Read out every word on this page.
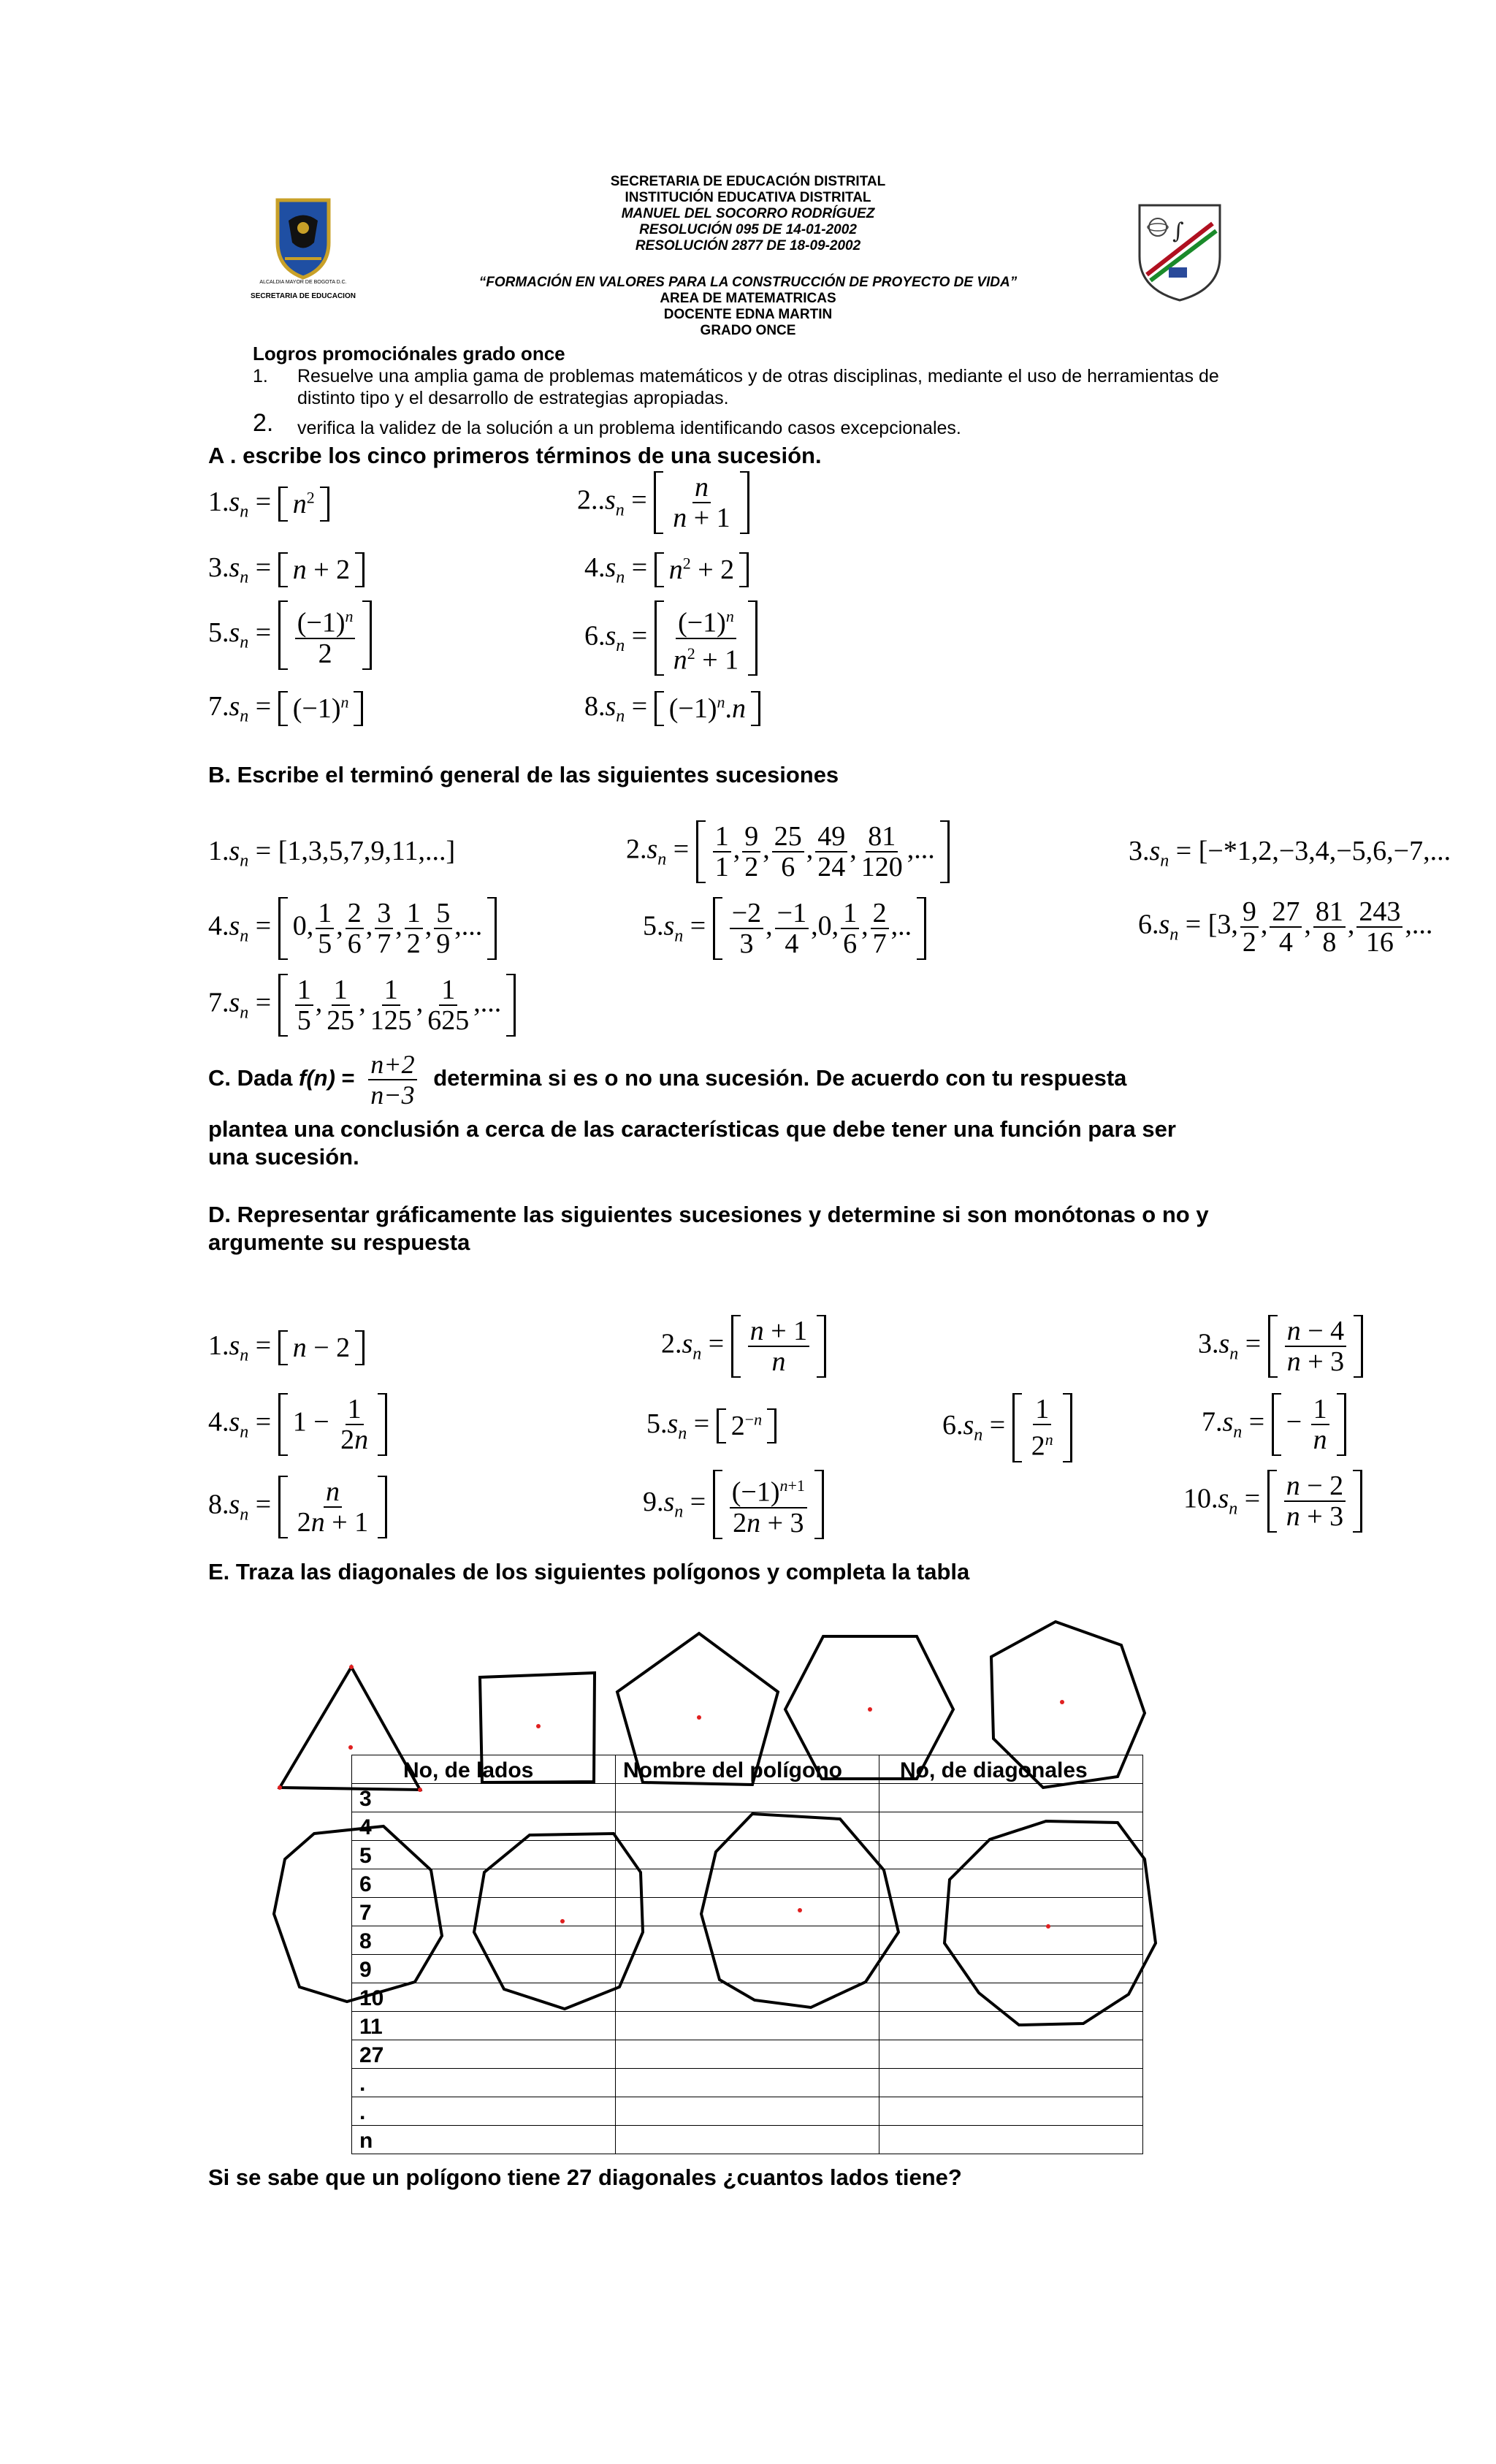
ALCALDIA MAYOR DE BOGOTA D.C.
SECRETARIA DE EDUCACION
∫
SECRETARIA DE EDUCACIÓN DISTRITAL
INSTITUCIÓN EDUCATIVA DISTRITAL
MANUEL DEL SOCORRO RODRÍGUEZ
RESOLUCIÓN 095 DE 14-01-2002
RESOLUCIÓN 2877 DE 18-09-2002
“FORMACIÓN EN VALORES PARA LA CONSTRUCCIÓN DE PROYECTO DE VIDA”
AREA DE MATEMATRICAS
DOCENTE EDNA MARTIN
GRADO ONCE
Logros promociónales grado once
1. Resuelve una amplia gama de problemas matemáticos y de otras disciplinas, mediante el uso de herramientas de
distinto tipo y el desarrollo de estrategias apropiadas.
2. verifica la validez de la solución a un problema identificando casos excepcionales.
A . escribe los cinco primeros términos de una sucesión.
$1.s_n = n^2$	$2..s_n = \frac{n}{n + 1}$
$3.s_n = n + 2$	$4.s_n = n^2 + 2$
$5.s_n = \frac{(-1)^n}{2}$	$6.s_n = \frac{(-1)^n}{n^2 + 1}$
$7.s_n = (-1)^n$	$8.s_n = (-1)^n.n$
B. Escribe el terminó general de las siguientes sucesiones
$1.s_n = [1,3,5,7,9,11,...]$	$2.s_n = \frac{1}{1}$ , $\frac{9}{2}$ , $\frac{25}{6}$ , $\frac{49}{24}$ , $\frac{81}{120}$ ,...	$3.s_n = [-*1,2,-3,4,-5,6,-7$,...
$4.s_n = 0$, $\frac{1}{5}$ , $\frac{2}{6}$ , $\frac{3}{7}$ , $\frac{1}{2}$ , $\frac{5}{9}$ ,...	$5.s_n = \frac{-2}{3}$ , $\frac{-1}{4} ,0$, $\frac{1}{6}$ , $\frac{2}{7}$ ,..	$6.s_n = [3$, $\frac{9}{2}$ , $\frac{27}{4}$ , $\frac{81}{8}$ , $\frac{243}{16}$ ,...
$7.s_n = \frac{1}{5}$ , $\frac{1}{25}$ , $\frac{1}{125}$ , $\frac{1}{625}$ ,...
C. Dada $f(n) = \frac{n+2}{n-3}$ determina si es o no una sucesión. De acuerdo con tu respuesta
plantea una conclusión a cerca de las características que debe tener una función para ser
una sucesión.
D. Representar gráficamente las siguientes sucesiones y determine si son monótonas o no y
argumente su respuesta
$1.s_n = n - 2$	$2.s_n = \frac{n + 1}{n}$	$3.s_n = \frac{n - 4}{n + 3}$
$4.s_n = 1 - \frac{1}{2n}$	$5.s_n = 2^{-n}$	$6.s_n = \frac{1}{2^n}$	$7.s_n$ = − $\frac{1}{n}$
$8.s_n = \frac{n}{2n + 1}$	$9.s_n = \frac{(-1)^{n+1}}{2n + 3}$	$10.s_n = \frac{n - 2}{n + 3}$
E. Traza las diagonales de los siguientes polígonos y completa la tabla
No, de lados	Nombre del polígono	No, de diagonales
3		
4		
5		
6		
7		
8		
9		
10		
11		
27		
.		
.		
n		
Si se sabe que un polígono tiene 27 diagonales ¿cuantos lados tiene?
